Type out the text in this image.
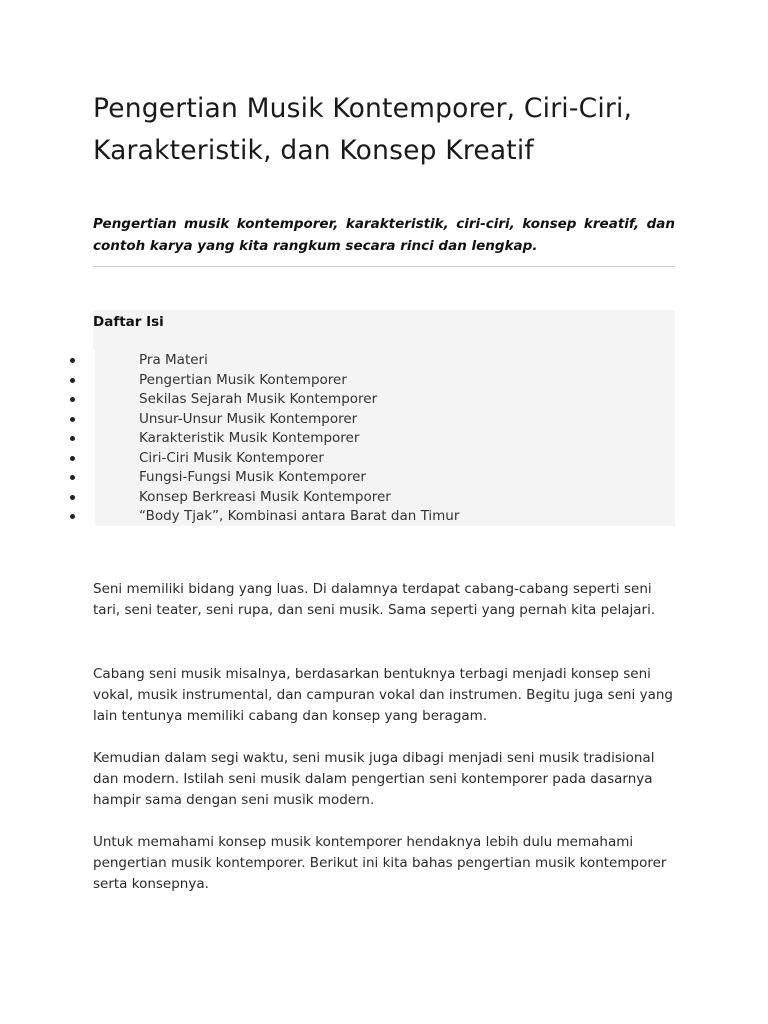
Pengertian Musik Kontemporer, Ciri-Ciri, Karakteristik, dan Konsep Kreatif

Pengertian musik kontemporer, karakteristik, ciri-ciri, konsep kreatif, dan contoh karya yang kita rangkum secara rinci dan lengkap.

Daftar Isi
Pra Materi
Pengertian Musik Kontemporer
Sekilas Sejarah Musik Kontemporer
Unsur-Unsur Musik Kontemporer
Karakteristik Musik Kontemporer
Ciri-Ciri Musik Kontemporer
Fungsi-Fungsi Musik Kontemporer
Konsep Berkreasi Musik Kontemporer
“Body Tjak”, Kombinasi antara Barat dan Timur

Seni memiliki bidang yang luas. Di dalamnya terdapat cabang-cabang seperti seni tari, seni teater, seni rupa, dan seni musik. Sama seperti yang pernah kita pelajari.

Cabang seni musik misalnya, berdasarkan bentuknya terbagi menjadi konsep seni vokal, musik instrumental, dan campuran vokal dan instrumen. Begitu juga seni yang lain tentunya memiliki cabang dan konsep yang beragam.

Kemudian dalam segi waktu, seni musik juga dibagi menjadi seni musik tradisional dan modern. Istilah seni musik dalam pengertian seni kontemporer pada dasarnya hampir sama dengan seni musik modern.

Untuk memahami konsep musik kontemporer hendaknya lebih dulu memahami pengertian musik kontemporer. Berikut ini kita bahas pengertian musik kontemporer serta konsepnya.
